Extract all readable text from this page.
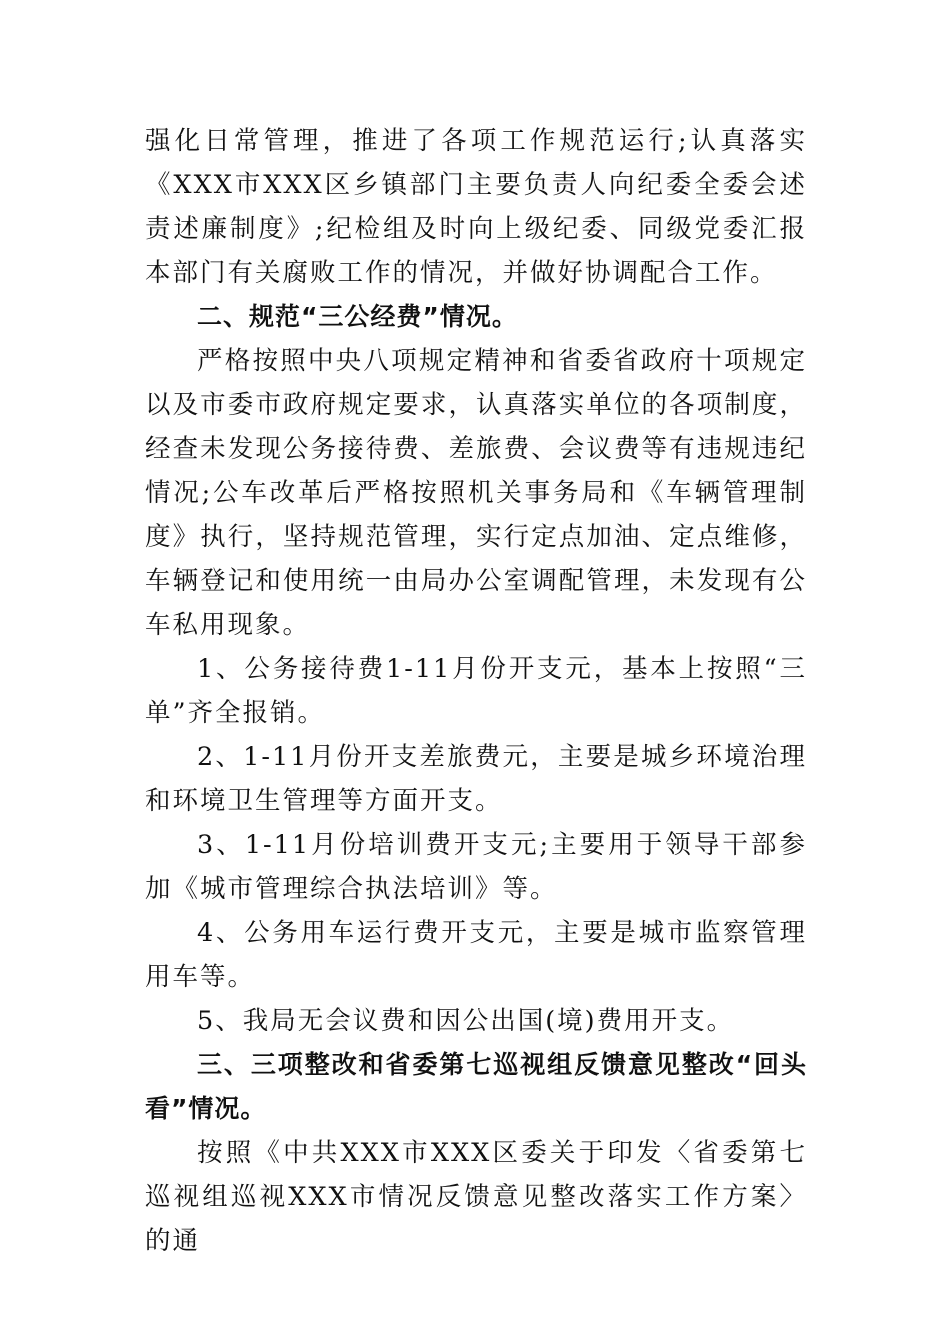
强化日常管理，推进了各项工作规范运行;认真落实《XXX市XXX区乡镇部门主要负责人向纪委全委会述责述廉制度》;纪检组及时向上级纪委、同级党委汇报本部门有关腐败工作的情况，并做好协调配合工作。

二、规范“三公经费”情况。

严格按照中央八项规定精神和省委省政府十项规定以及市委市政府规定要求，认真落实单位的各项制度，经查未发现公务接待费、差旅费、会议费等有违规违纪情况;公车改革后严格按照机关事务局和《车辆管理制度》执行，坚持规范管理，实行定点加油、定点维修，车辆登记和使用统一由局办公室调配管理，未发现有公车私用现象。

1、公务接待费1-11月份开支元，基本上按照“三单”齐全报销。

2、1-11月份开支差旅费元，主要是城乡环境治理和环境卫生管理等方面开支。

3、1-11月份培训费开支元;主要用于领导干部参加《城市管理综合执法培训》等。

4、公务用车运行费开支元，主要是城市监察管理用车等。

5、我局无会议费和因公出国(境)费用开支。

三、三项整改和省委第七巡视组反馈意见整改“回头看”情况。

按照《中共XXX市XXX区委关于印发〈省委第七巡视组巡视XXX市情况反馈意见整改落实工作方案〉的通
